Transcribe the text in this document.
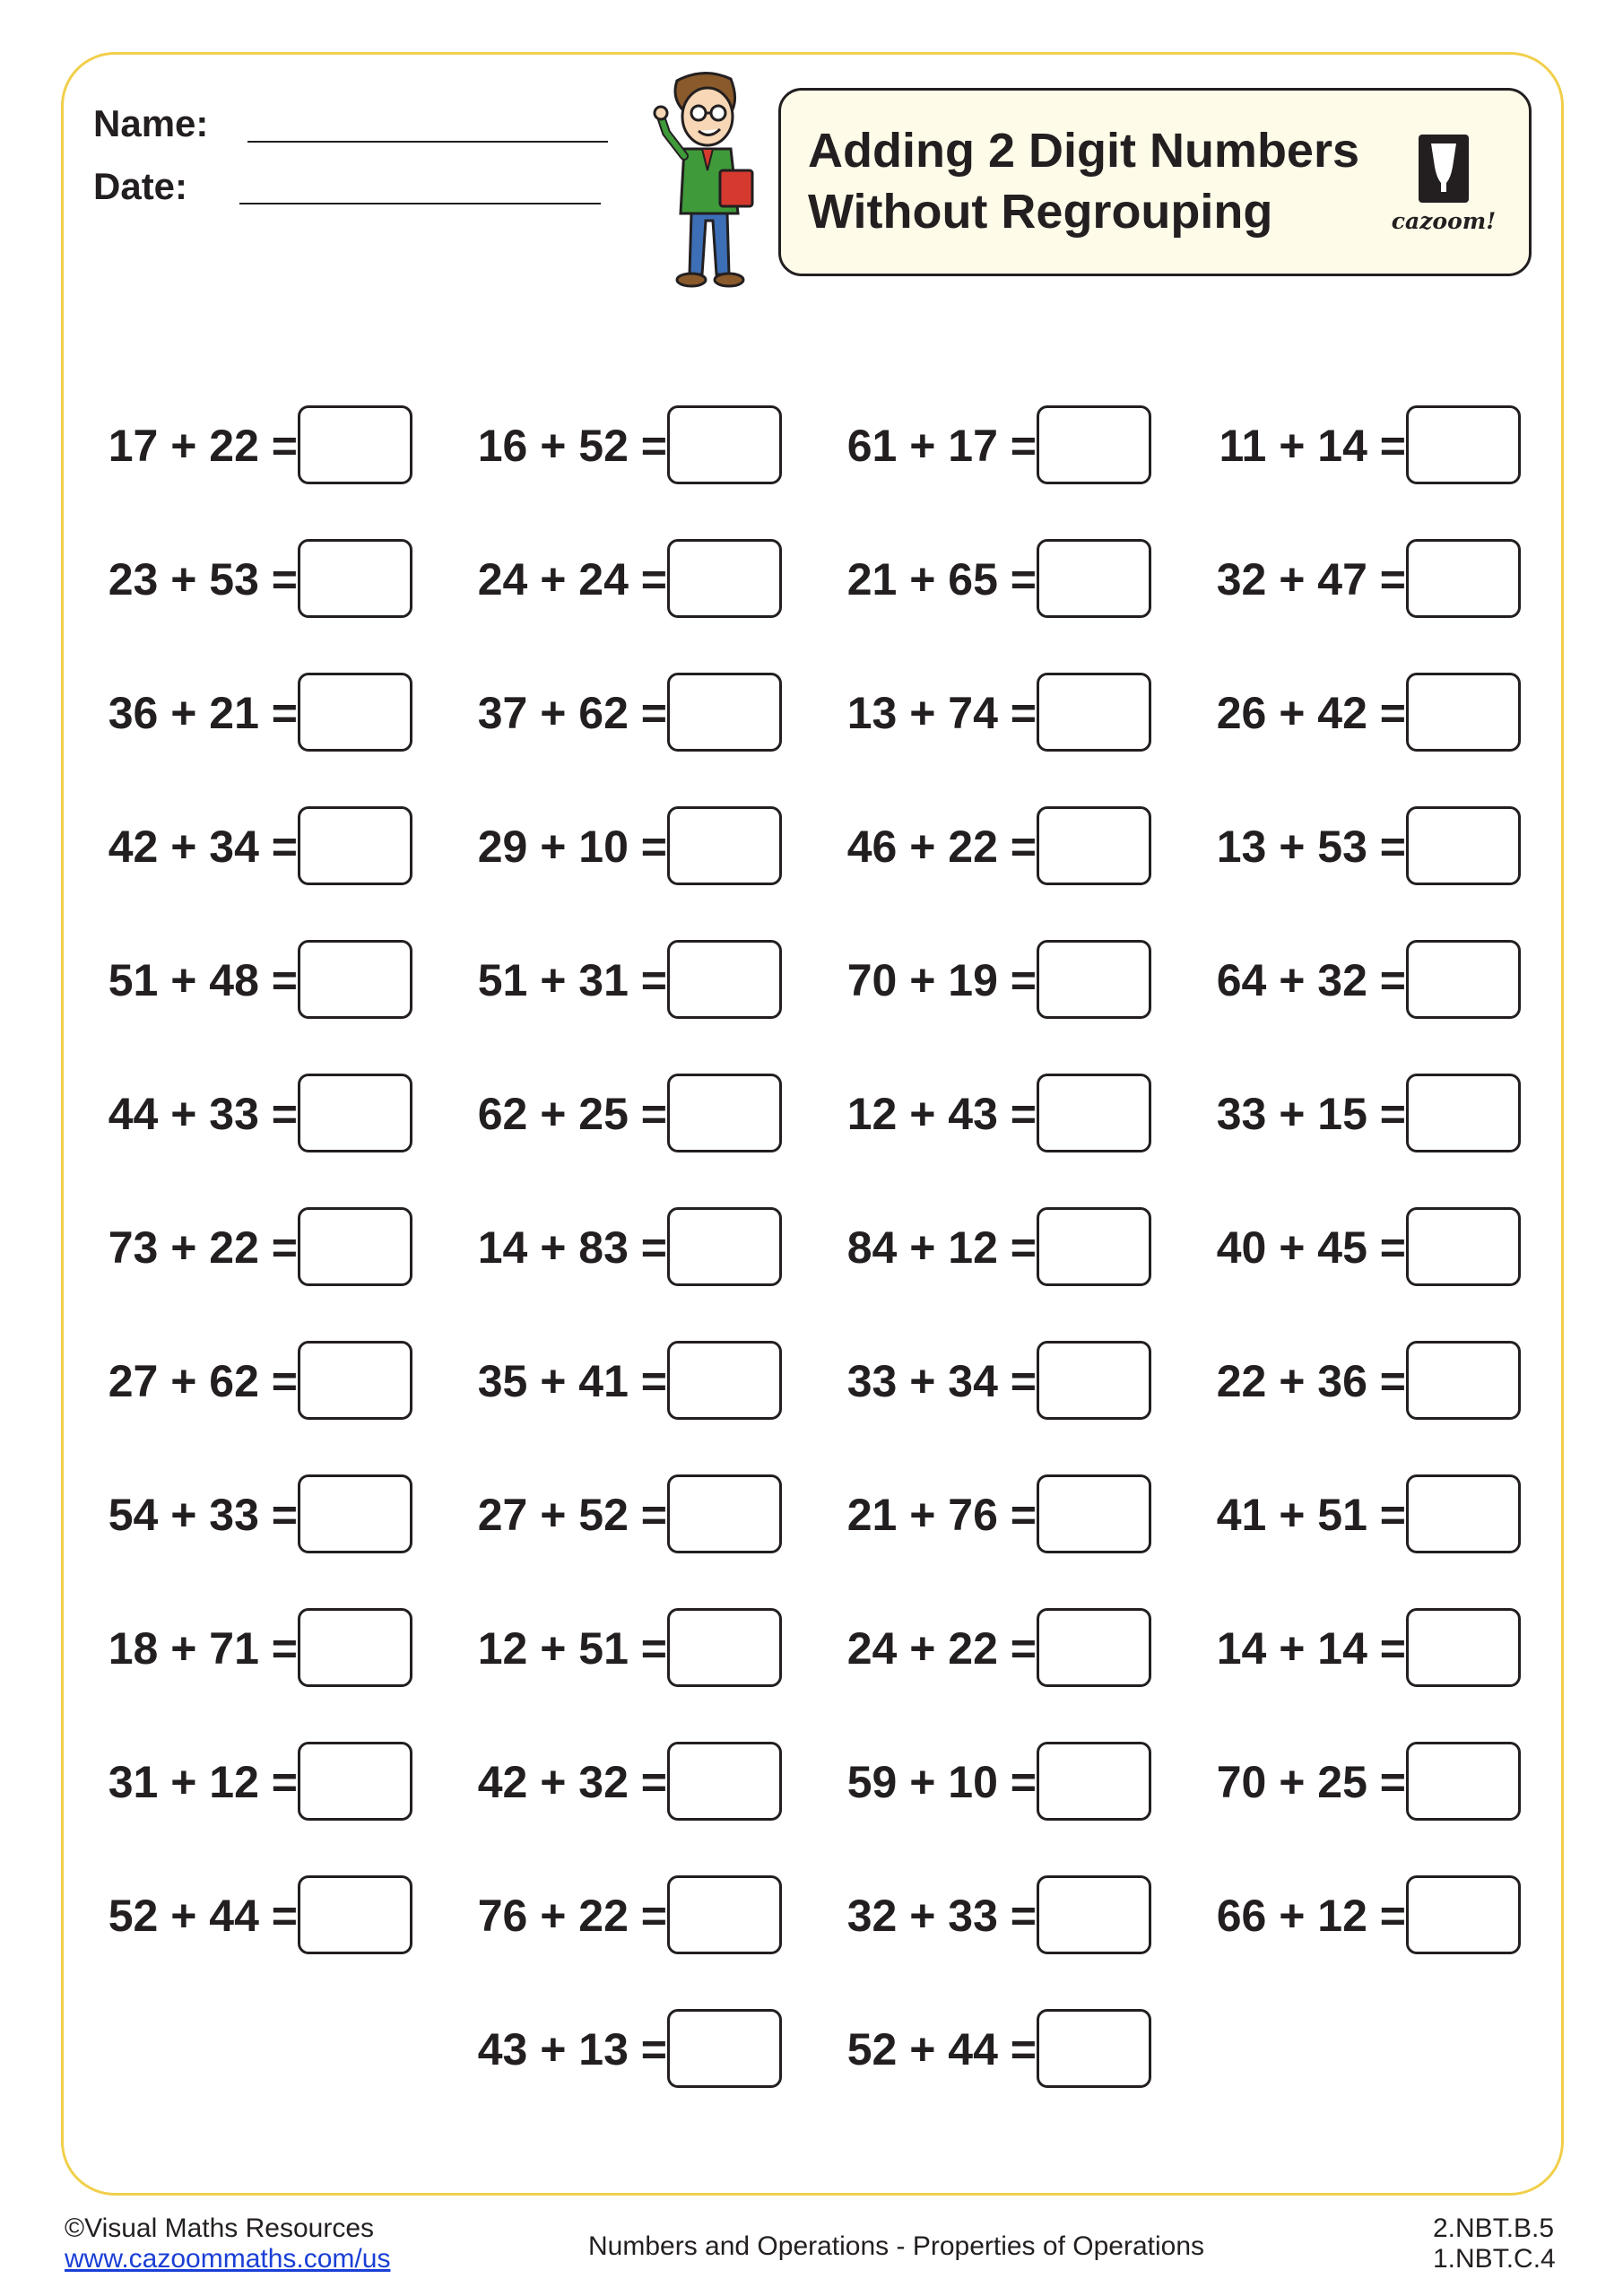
Name:
Date:
Adding 2 Digit Numbers
Without Regrouping	cazoom!
17 + 22 =	16 + 52 =	61 + 17 =	11 + 14 =
23 + 53 =	24 + 24 =	21 + 65 =	32 + 47 =
36 + 21 =	37 + 62 =	13 + 74 =	26 + 42 =
42 + 34 =	29 + 10 =	46 + 22 =	13 + 53 =
51 + 48 =	51 + 31 =	70 + 19 =	64 + 32 =
44 + 33 =	62 + 25 =	12 + 43 =	33 + 15 =
73 + 22 =	14 + 83 =	84 + 12 =	40 + 45 =
27 + 62 =	35 + 41 =	33 + 34 =	22 + 36 =
54 + 33 =	27 + 52 =	21 + 76 =	41 + 51 =
18 + 71 =	12 + 51 =	24 + 22 =	14 + 14 =
31 + 12 =	42 + 32 =	59 + 10 =	70 + 25 =
52 + 44 =	76 + 22 =	32 + 33 =	66 + 12 =
43 + 13 =	52 + 44 =
©Visual Maths Resources
www.cazoommaths.com/us	Numbers and Operations - Properties of Operations
2.NBT.B.5
1.NBT.C.4
